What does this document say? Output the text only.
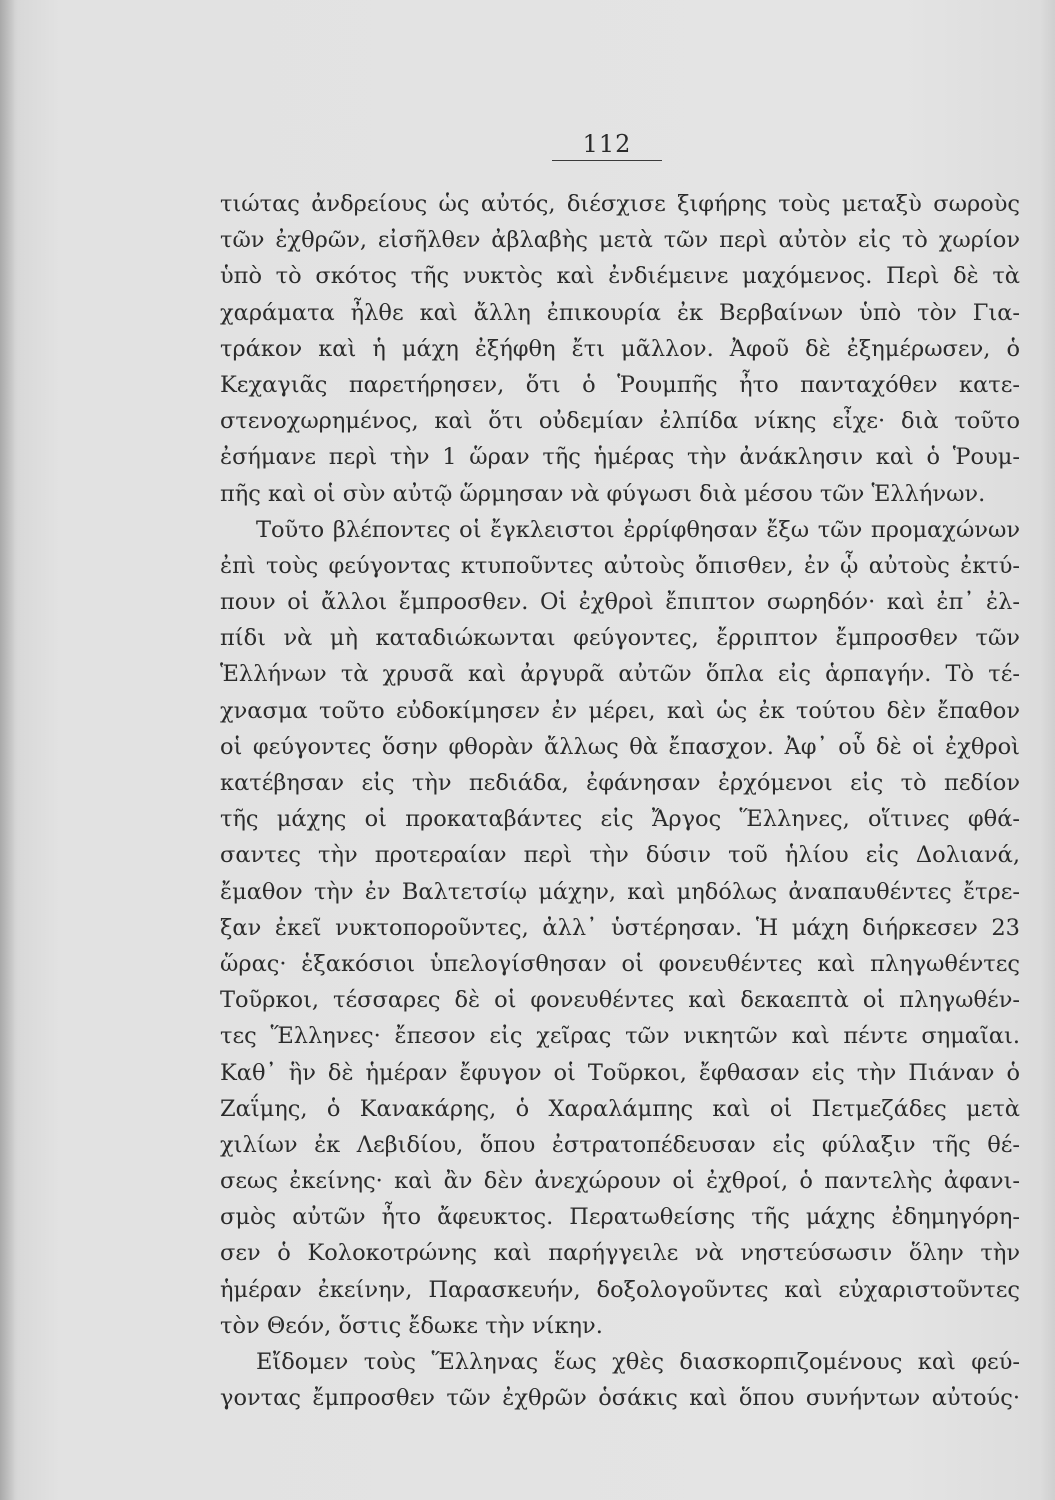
112
τιώτας ἀνδρείους ὡς αὐτός, διέσχισε ξιφήρης τοὺς μεταξὺ σωροὺς
τῶν ἐχθρῶν, εἰσῆλθεν ἀβλαβὴς μετὰ τῶν περὶ αὐτὸν εἰς τὸ χωρίον
ὑπὸ τὸ σκότος τῆς νυκτὸς καὶ ἐνδιέμεινε μαχόμενος. Περὶ δὲ τὰ
χαράματα ἦλθε καὶ ἄλλη ἐπικουρία ἐκ Βερβαίνων ὑπὸ τὸν Για-
τράκον καὶ ἡ μάχη ἐξήφθη ἔτι μᾶλλον. Ἀφοῦ δὲ ἐξημέρωσεν, ὁ
Κεχαγιᾶς παρετήρησεν, ὅτι ὁ Ῥουμπῆς ἦτο πανταχόθεν κατε-
στενοχωρημένος, καὶ ὅτι οὐδεμίαν ἐλπίδα νίκης εἶχε· διὰ τοῦτο
ἐσήμανε περὶ τὴν 1 ὥραν τῆς ἡμέρας τὴν ἀνάκλησιν καὶ ὁ Ῥουμ-
πῆς καὶ οἱ σὺν αὐτῷ ὥρμησαν νὰ φύγωσι διὰ μέσου τῶν Ἑλλήνων.
Τοῦτο βλέποντες οἱ ἔγκλειστοι ἐρρίφθησαν ἔξω τῶν προμαχώνων
ἐπὶ τοὺς φεύγοντας κτυποῦντες αὐτοὺς ὄπισθεν, ἐν ᾧ αὐτοὺς ἐκτύ-
πουν οἱ ἄλλοι ἔμπροσθεν. Οἱ ἐχθροὶ ἔπιπτον σωρηδόν· καὶ ἐπ᾽ ἐλ-
πίδι νὰ μὴ καταδιώκωνται φεύγοντες, ἔρριπτον ἔμπροσθεν τῶν
Ἑλλήνων τὰ χρυσᾶ καὶ ἀργυρᾶ αὐτῶν ὅπλα εἰς ἁρπαγήν. Τὸ τέ-
χνασμα τοῦτο εὐδοκίμησεν ἐν μέρει, καὶ ὡς ἐκ τούτου δὲν ἔπαθον
οἱ φεύγοντες ὅσην φθορὰν ἄλλως θὰ ἔπασχον. Ἀφ᾽ οὗ δὲ οἱ ἐχθροὶ
κατέβησαν εἰς τὴν πεδιάδα, ἐφάνησαν ἐρχόμενοι εἰς τὸ πεδίον
τῆς μάχης οἱ προκαταβάντες εἰς Ἄργος Ἕλληνες, οἵτινες φθά-
σαντες τὴν προτεραίαν περὶ τὴν δύσιν τοῦ ἡλίου εἰς Δολιανά,
ἔμαθον τὴν ἐν Βαλτετσίῳ μάχην, καὶ μηδόλως ἀναπαυθέντες ἔτρε-
ξαν ἐκεῖ νυκτοποροῦντες, ἀλλ᾽ ὑστέρησαν. Ἡ μάχη διήρκεσεν 23
ὥρας· ἑξακόσιοι ὑπελογίσθησαν οἱ φονευθέντες καὶ πληγωθέντες
Τοῦρκοι, τέσσαρες δὲ οἱ φονευθέντες καὶ δεκαεπτὰ οἱ πληγωθέν-
τες Ἕλληνες· ἔπεσον εἰς χεῖρας τῶν νικητῶν καὶ πέντε σημαῖαι.
Καθ᾽ ἣν δὲ ἡμέραν ἔφυγον οἱ Τοῦρκοι, ἔφθασαν εἰς τὴν Πιάναν ὁ
Ζαΐμης, ὁ Κανακάρης, ὁ Χαραλάμπης καὶ οἱ Πετμεζάδες μετὰ
χιλίων ἐκ Λεβιδίου, ὅπου ἐστρατοπέδευσαν εἰς φύλαξιν τῆς θέ-
σεως ἐκείνης· καὶ ἂν δὲν ἀνεχώρουν οἱ ἐχθροί, ὁ παντελὴς ἀφανι-
σμὸς αὐτῶν ἦτο ἄφευκτος. Περατωθείσης τῆς μάχης ἐδημηγόρη-
σεν ὁ Κολοκοτρώνης καὶ παρήγγειλε νὰ νηστεύσωσιν ὅλην τὴν
ἡμέραν ἐκείνην, Παρασκευήν, δοξολογοῦντες καὶ εὐχαριστοῦντες
τὸν Θεόν, ὅστις ἔδωκε τὴν νίκην.
Εἴδομεν τοὺς Ἕλληνας ἕως χθὲς διασκορπιζομένους καὶ φεύ-
γοντας ἔμπροσθεν τῶν ἐχθρῶν ὁσάκις καὶ ὅπου συνήντων αὐτούς·
